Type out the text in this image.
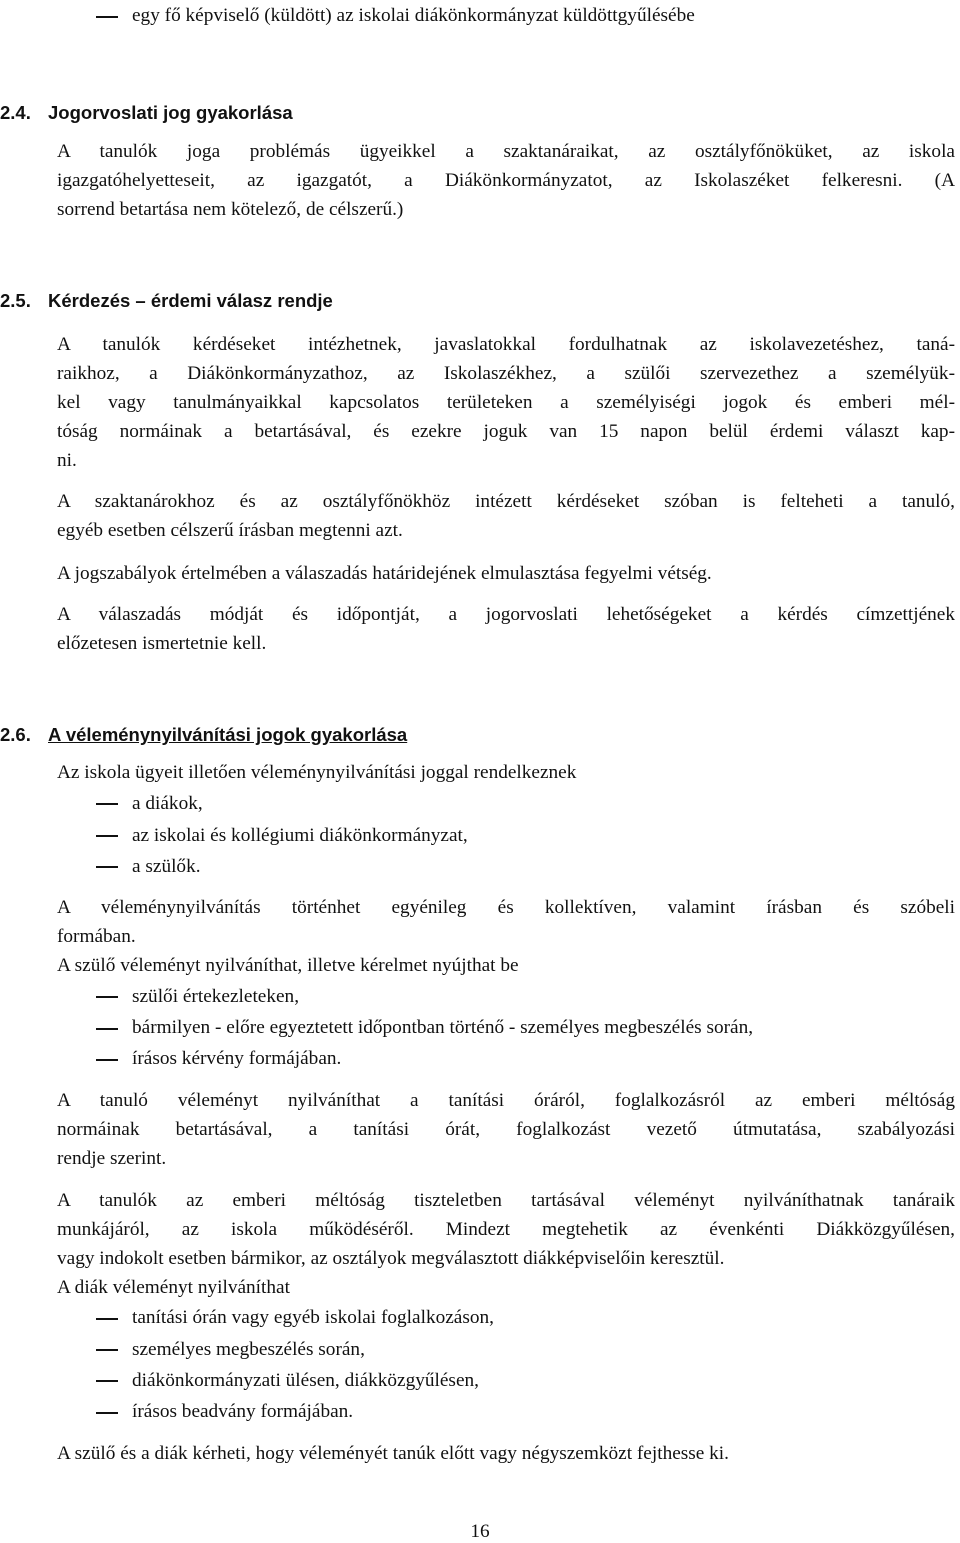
egy fő képviselő (küldött) az iskolai diákönkormányzat küldöttgyűlésébe
2.4. Jogorvoslati jog gyakorlása
A tanulók joga problémás ügyeikkel a szaktanáraikat, az osztályfőnöküket, az iskola
igazgatóhelyetteseit, az igazgatót, a Diákönkormányzatot, az Iskolaszéket felkeresni. (A
sorrend betartása nem kötelező, de célszerű.)
2.5. Kérdezés – érdemi válasz rendje
A tanulók kérdéseket intézhetnek, javaslatokkal fordulhatnak az iskolavezetéshez, taná-
raikhoz, a Diákönkormányzathoz, az Iskolaszékhez, a szülői szervezethez a személyük-
kel vagy tanulmányaikkal kapcsolatos területeken a személyiségi jogok és emberi mél-
tóság normáinak a betartásával, és ezekre joguk van 15 napon belül érdemi választ kap-
ni.
A szaktanárokhoz és az osztályfőnökhöz intézett kérdéseket szóban is felteheti a tanuló,
egyéb esetben célszerű írásban megtenni azt.
A jogszabályok értelmében a válaszadás határidejének elmulasztása fegyelmi vétség.
A válaszadás módját és időpontját, a jogorvoslati lehetőségeket a kérdés címzettjének
előzetesen ismertetnie kell.
2.6. A véleménynyilvánítási jogok gyakorlása
Az iskola ügyeit illetően véleménynyilvánítási joggal rendelkeznek
a diákok,
az iskolai és kollégiumi diákönkormányzat,
a szülők.
A véleménynyilvánítás történhet egyénileg és kollektíven, valamint írásban és szóbeli
formában.
A szülő véleményt nyilváníthat, illetve kérelmet nyújthat be
szülői értekezleteken,
bármilyen - előre egyeztetett időpontban történő - személyes megbeszélés során,
írásos kérvény formájában.
A tanuló véleményt nyilváníthat a tanítási óráról, foglalkozásról az emberi méltóság
normáinak betartásával, a tanítási órát, foglalkozást vezető útmutatása, szabályozási
rendje szerint.
A tanulók az emberi méltóság tiszteletben tartásával véleményt nyilváníthatnak tanáraik
munkájáról, az iskola működéséről. Mindezt megtehetik az évenkénti Diákközgyűlésen,
vagy indokolt esetben bármikor, az osztályok megválasztott diákképviselőin keresztül.
A diák véleményt nyilváníthat
tanítási órán vagy egyéb iskolai foglalkozáson,
személyes megbeszélés során,
diákönkormányzati ülésen, diákközgyűlésen,
írásos beadvány formájában.
A szülő és a diák kérheti, hogy véleményét tanúk előtt vagy négyszemközt fejthesse ki.
16
